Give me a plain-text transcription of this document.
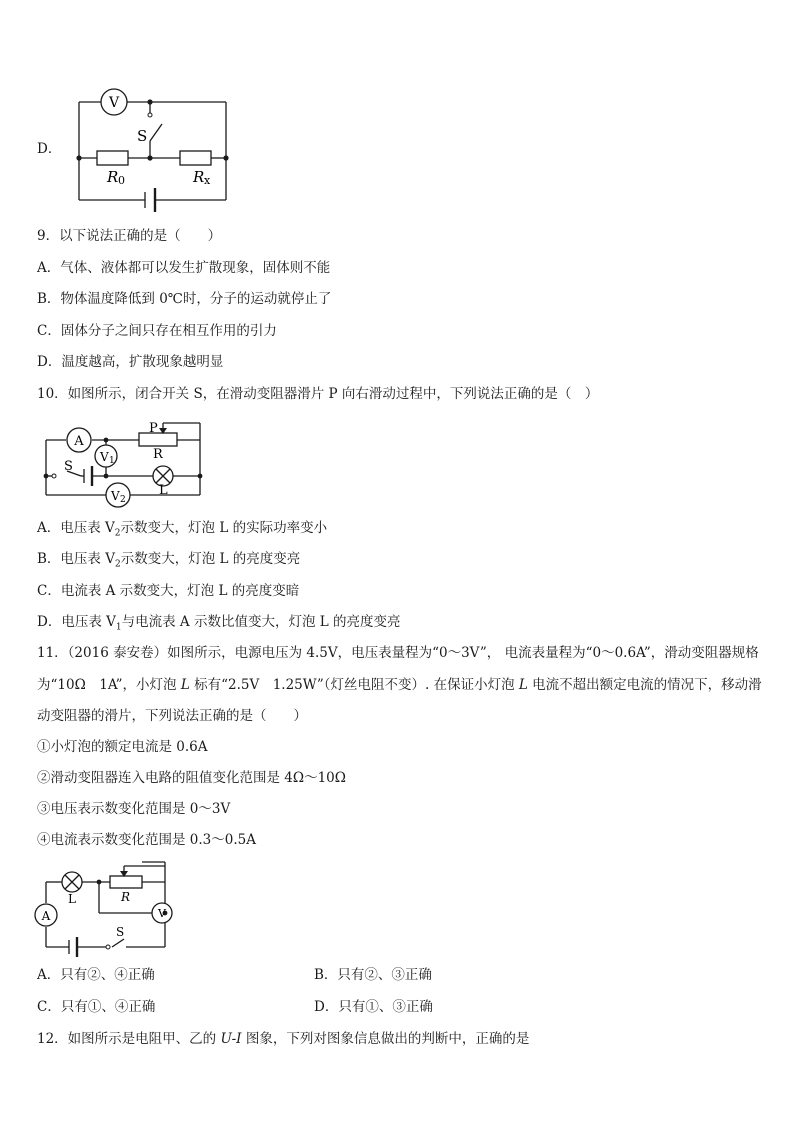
D．
V
S
R 0	R x
9．以下说法正确的是（　　）
A．气体、液体都可以发生扩散现象，固体则不能
B．物体温度降低到 0℃时，分子的运动就停止了
C．固体分子之间只存在相互作用的引力
D．温度越高，扩散现象越明显
10．如图所示，闭合开关 S，在滑动变阻器滑片 P 向右滑动过程中，下列说法正确的是（　）
A
P
R
V 1
S
L
V 2
A．电压表 $V_2$示数变大，灯泡 L 的实际功率变小
B．电压表 $V_2$示数变大，灯泡 L 的亮度变亮
C．电流表 A 示数变大，灯泡 L 的亮度变暗
D．电压表 $V_1$与电流表 A 示数比值变大，灯泡 L 的亮度变亮
11．（2016 泰安卷）如图所示，电源电压为 4.5V，电压表量程为“0～3V”， 电流表量程为“0～0.6A”，滑动变阻器规格
为“10Ω　1A”，小灯泡 L 标有“2.5V　1.25W”（灯丝电阻不变）. 在保证小灯泡 L 电流不超出额定电流的情况下，移动滑
动变阻器的滑片，下列说法正确的是（　　）
①小灯泡的额定电流是 0.6A
②滑动变阻器连入电路的阻值变化范围是 4Ω～10Ω
③电压表示数变化范围是 0～3V
④电流表示数变化范围是 0.3～0.5A
L	R
A	V
S
A．只有②、④正确	B．只有②、③正确
C．只有①、④正确	D．只有①、③正确
12．如图所示是电阻甲、乙的 U-I 图象，下列对图象信息做出的判断中，正确的是
